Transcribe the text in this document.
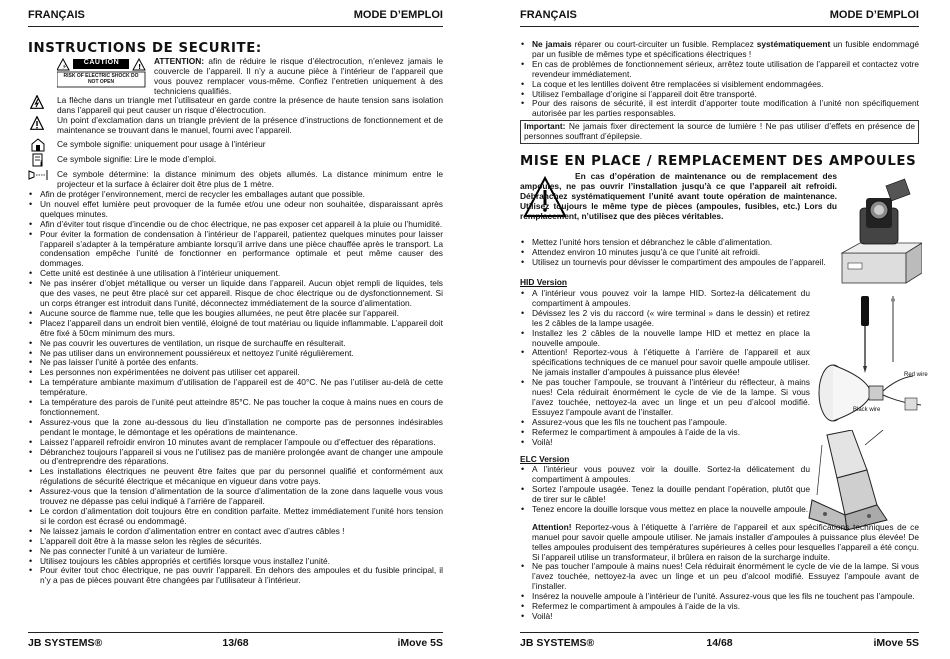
FRANÇAIS	MODE D’EMPLOI
INSTRUCTIONS DE SECURITE:
⚡	!
CAUTION
RISK OF ELECTRIC SHOCK DO NOT OPEN
ATTENTION: afin de réduire le risque d’électrocution, n’enlevez jamais le couvercle de l’appareil. Il n’y a aucune pièce à l’intérieur de l’appareil que vous pouvez remplacer vous-même. Confiez l’entretien uniquement à des techniciens qualifiés.
La flèche dans un triangle met l’utilisateur en garde contre la présence de haute tension sans isolation dans l’appareil qui peut causer un risque d’électrocution.
Un point d’exclamation dans un triangle prévient de la présence d’instructions de fonctionnement et de maintenance se trouvant dans le manuel, fourni avec l’appareil.
Ce symbole signifie: uniquement pour usage à l’intérieur
i Ce symbole signifie: Lire le mode d’emploi.
Ce symbole détermine: la distance minimum des objets allumés. La distance minimum entre le projecteur et la surface à éclairer doit être plus de 1 mètre.
• Afin de protéger l’environnement, merci de recycler les emballages autant que possible.
• Un nouvel effet lumière peut provoquer de la fumée et/ou une odeur non souhaitée, disparaissant après quelques minutes.
• Afin d’éviter tout risque d’incendie ou de choc électrique, ne pas exposer cet appareil à la pluie ou l’humidité.
• Pour éviter la formation de condensation à l’intérieur de l’appareil, patientez quelques minutes pour laisser l’appareil s’adapter à la température ambiante lorsqu’il arrive dans une pièce chauffée après le transport. La condensation empêche l’unité de fonctionner en performance optimale et peut même causer des dommages.
• Cette unité est destinée à une utilisation à l’intérieur uniquement.
• Ne pas insérer d’objet métallique ou verser un liquide dans l’appareil. Aucun objet rempli de liquides, tels que des vases, ne peut être placé sur cet appareil. Risque de choc électrique ou de dysfonctionnement. Si un corps étranger est introduit dans l’unité, déconnectez immédiatement de la source d’alimentation.
• Aucune source de flamme nue, telle que les bougies allumées, ne peut être placée sur l’appareil.
• Placez l’appareil dans un endroit bien ventilé, éloigné de tout matériau ou liquide inflammable. L’appareil doit être fixé à 50cm minimum des murs.
• Ne pas couvrir les ouvertures de ventilation, un risque de surchauffe en résulterait.
• Ne pas utiliser dans un environnement poussiéreux et nettoyez l’unité régulièrement.
• Ne pas laisser l’unité à portée des enfants.
• Les personnes non expérimentées ne doivent pas utiliser cet appareil.
• La température ambiante maximum d’utilisation de l’appareil est de 40°C. Ne pas l’utiliser au-delà de cette température.
• La température des parois de l’unité peut atteindre 85°C. Ne pas toucher la coque à mains nues en cours de fonctionnement.
• Assurez-vous que la zone au-dessous du lieu d’installation ne comporte pas de personnes indésirables pendant le montage, le démontage et les opérations de maintenance.
• Laissez l’appareil refroidir environ 10 minutes avant de remplacer l’ampoule ou d’effectuer des réparations.
• Débranchez toujours l’appareil si vous ne l’utilisez pas de manière prolongée avant de changer une ampoule ou d’entreprendre des réparations.
• Les installations électriques ne peuvent être faites que par du personnel qualifié et conformément aux régulations de sécurité électrique et mécanique en vigueur dans votre pays.
• Assurez-vous que la tension d’alimentation de la source d’alimentation de la zone dans laquelle vous vous trouvez ne dépasse pas celui indiqué à l’arrière de l’appareil.
• Le cordon d’alimentation doit toujours être en condition parfaite. Mettez immédiatement l’unité hors tension si le cordon est écrasé ou endommagé.
• Ne laissez jamais le cordon d’alimentation entrer en contact avec d’autres câbles !
• L’appareil doit être à la masse selon les règles de sécurités.
• Ne pas connecter l’unité à un variateur de lumière.
• Utilisez toujours les câbles appropriés et certifiés lorsque vous installez l’unité.
• Pour éviter tout choc électrique, ne pas ouvrir l’appareil. En dehors des ampoules et du fusible principal, il n’y a pas de pièces pouvant être changées par l’utilisateur à l’intérieur.
JB SYSTEMS®	13/68	iMove 5S
FRANÇAIS	MODE D’EMPLOI
• Ne jamais réparer ou court-circuiter un fusible. Remplacez systématiquement un fusible endommagé par un fusible de mêmes type et spécifications électriques !
• En cas de problèmes de fonctionnement sérieux, arrêtez toute utilisation de l’appareil et contactez votre revendeur immédiatement.
• La coque et les lentilles doivent être remplacées si visiblement endommagées.
• Utilisez l’emballage d’origine si l’appareil doit être transporté.
• Pour des raisons de sécurité, il est interdit d’apporter toute modification à l’unité non spécifiquement autorisée par les parties responsables.
Important: Ne jamais fixer directement la source de lumière ! Ne pas utiliser d’effets en présence de personnes souffrant d’épilepsie.
MISE EN PLACE / REMPLACEMENT DES AMPOULES
En cas d’opération de maintenance ou de remplacement des ampoules, ne pas ouvrir l’installation jusqu’à ce que l’appareil ait refroidi. Débranchez systématiquement l’unité avant toute opération de maintenance. Utilisez toujours le même type de pièces (ampoules, fusibles, etc.) Lors du remplacement, n’utilisez que des pièces véritables.
• Mettez l’unité hors tension et débranchez le câble d’alimentation.
• Attendez environ 10 minutes jusqu’à ce que l’unité ait refroidi.
• Utilisez un tournevis pour dévisser le compartiment des ampoules de l’appareil.
HID Version
• A l’intérieur vous pouvez voir la lampe HID. Sortez-la délicatement du compartiment à ampoules.
• Dévissez les 2 vis du raccord (« wire terminal » dans le dessin) et retirez les 2 câbles de la lampe usagée.
• Installez les 2 câbles de la nouvelle lampe HID et mettez en place la nouvelle ampoule.
• Attention! Reportez-vous à l’étiquette à l’arrière de l’appareil et aux spécifications techniques de ce manuel pour savoir quelle ampoule utiliser. Ne jamais installer d’ampoules à puissance plus élevée!
• Ne pas toucher l’ampoule, se trouvant à l’intérieur du réflecteur, à mains nues! Cela réduirait énormément le cycle de vie de la lampe. Si vous l’avez touchée, nettoyez-la avec un linge et un peu d’alcool modifié. Essuyez l’ampoule avant de l’installer.
• Assurez-vous que les fils ne touchent pas l’ampoule.
• Refermez le compartiment à ampoules à l’aide de la vis.
• Voilà!
Red wire
Black wire
ELC Version
• A l’intérieur vous pouvez voir la douille. Sortez-la délicatement du compartiment à ampoules.
• Sortez l’ampoule usagée. Tenez la douille pendant l’opération, plutôt que de tirer sur le câble!
• Tenez encore la douille lorsque vous mettez en place la nouvelle ampoule.
Attention! Reportez-vous à l’étiquette à l’arrière de l’appareil et aux spécifications techniques de ce manuel pour savoir quelle ampoule utiliser. Ne jamais installer d’ampoules à puissance plus élevée! De telles ampoules produisent des températures supérieures à celles pour lesquelles l’appareil a été conçu. Si l’appareil utilise un transformateur, il brûlera en raison de la surcharge induite.
• Ne pas toucher l’ampoule à mains nues! Cela réduirait énormément le cycle de vie de la lampe. Si vous l’avez touchée, nettoyez-la avec un linge et un peu d’alcool modifié. Essuyez l’ampoule avant de l’installer.
• Insérez la nouvelle ampoule à l’intérieur de l’unité. Assurez-vous que les fils ne touchent pas l’ampoule.
• Refermez le compartiment à ampoules à l’aide de la vis.
• Voilà!
JB SYSTEMS®	14/68	iMove 5S
